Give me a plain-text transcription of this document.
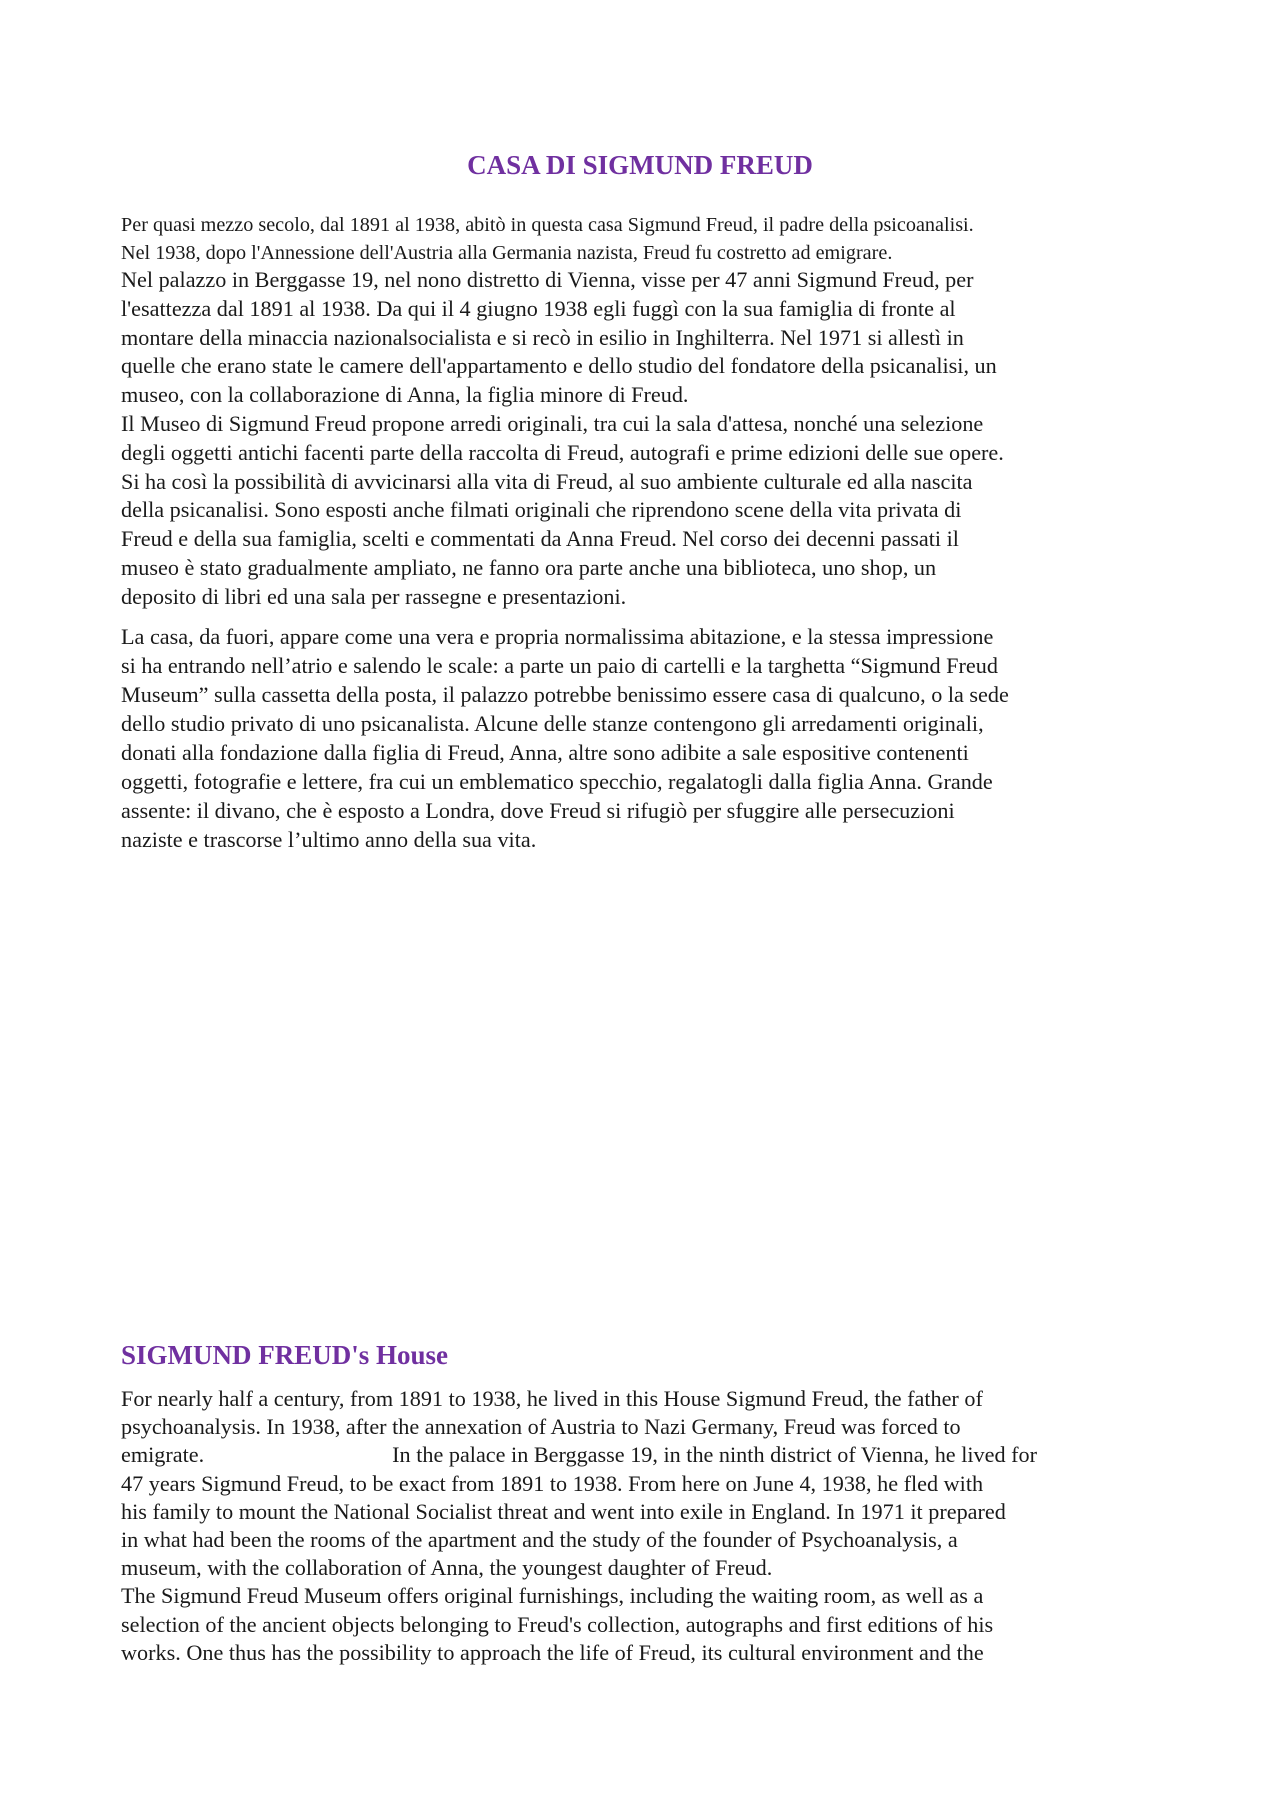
CASA DI SIGMUND FREUD

Per quasi mezzo secolo, dal 1891 al 1938, abitò in questa casa Sigmund Freud, il padre della psicoanalisi.
Nel 1938, dopo l'Annessione dell'Austria alla Germania nazista, Freud fu costretto ad emigrare.

Nel palazzo in Berggasse 19, nel nono distretto di Vienna, visse per 47 anni Sigmund Freud, per
l'esattezza dal 1891 al 1938. Da qui il 4 giugno 1938 egli fuggì con la sua famiglia di fronte al
montare della minaccia nazionalsocialista e si recò in esilio in Inghilterra. Nel 1971 si allestì in
quelle che erano state le camere dell'appartamento e dello studio del fondatore della psicanalisi, un
museo, con la collaborazione di Anna, la figlia minore di Freud.
Il Museo di Sigmund Freud propone arredi originali, tra cui la sala d'attesa, nonché una selezione
degli oggetti antichi facenti parte della raccolta di Freud, autografi e prime edizioni delle sue opere.
Si ha così la possibilità di avvicinarsi alla vita di Freud, al suo ambiente culturale ed alla nascita
della psicanalisi. Sono esposti anche filmati originali che riprendono scene della vita privata di
Freud e della sua famiglia, scelti e commentati da Anna Freud. Nel corso dei decenni passati il
museo è stato gradualmente ampliato, ne fanno ora parte anche una biblioteca, uno shop, un
deposito di libri ed una sala per rassegne e presentazioni.

La casa, da fuori, appare come una vera e propria normalissima abitazione, e la stessa impressione
si ha entrando nell’atrio e salendo le scale: a parte un paio di cartelli e la targhetta “Sigmund Freud
Museum” sulla cassetta della posta, il palazzo potrebbe benissimo essere casa di qualcuno, o la sede
dello studio privato di uno psicanalista. Alcune delle stanze contengono gli arredamenti originali,
donati alla fondazione dalla figlia di Freud, Anna, altre sono adibite a sale espositive contenenti
oggetti, fotografie e lettere, fra cui un emblematico specchio, regalatogli dalla figlia Anna. Grande
assente: il divano, che è esposto a Londra, dove Freud si rifugiò per sfuggire alle persecuzioni
naziste e trascorse l’ultimo anno della sua vita.

SIGMUND FREUD's House

For nearly half a century, from 1891 to 1938, he lived in this House Sigmund Freud, the father of
psychoanalysis. In 1938, after the annexation of Austria to Nazi Germany, Freud was forced to
emigrate.	In the palace in Berggasse 19, in the ninth district of Vienna, he lived for
47 years Sigmund Freud, to be exact from 1891 to 1938. From here on June 4, 1938, he fled with
his family to mount the National Socialist threat and went into exile in England. In 1971 it prepared
in what had been the rooms of the apartment and the study of the founder of Psychoanalysis, a
museum, with the collaboration of Anna, the youngest daughter of Freud.
The Sigmund Freud Museum offers original furnishings, including the waiting room, as well as a
selection of the ancient objects belonging to Freud's collection, autographs and first editions of his
works. One thus has the possibility to approach the life of Freud, its cultural environment and the
